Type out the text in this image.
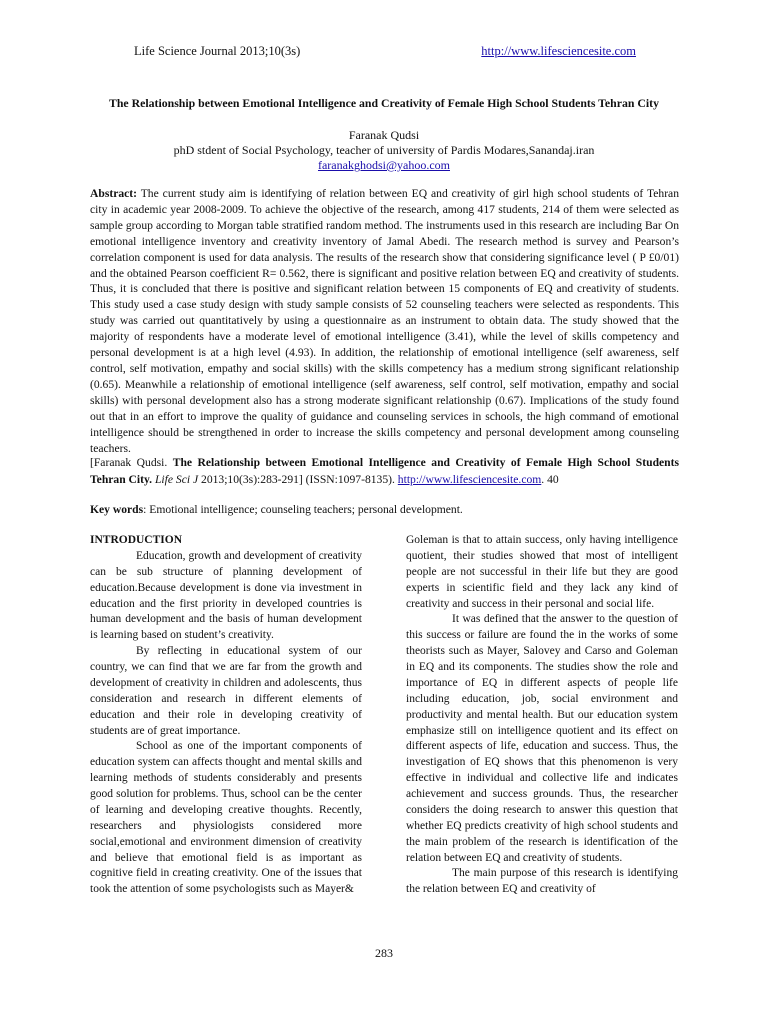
Life Science Journal 2013;10(3s)	http://www.lifesciencesite.com
The Relationship between Emotional Intelligence and Creativity of Female High School Students Tehran City
Faranak Qudsi
phD stdent of Social Psychology, teacher of university of Pardis Modares,Sanandaj.iran
faranakghodsi@yahoo.com

Abstract: The current study aim is identifying of relation between EQ and creativity of girl high school students of Tehran city in academic year 2008-2009. To achieve the objective of the research, among 417 students, 214 of them were selected as sample group according to Morgan table stratified random method. The instruments used in this research are including Bar On emotional intelligence inventory and creativity inventory of Jamal Abedi. The research method is survey and Pearson’s correlation component is used for data analysis. The results of the research show that considering significance level ( P £0/01) and the obtained Pearson coefficient R= 0.562, there is significant and positive relation between EQ and creativity of students. Thus, it is concluded that there is positive and significant relation between 15 components of EQ and creativity of students. This study used a case study design with study sample consists of 52 counseling teachers were selected as respondents. This study was carried out quantitatively by using a questionnaire as an instrument to obtain data. The study showed that the majority of respondents have a moderate level of emotional intelligence (3.41), while the level of skills competency and personal development is at a high level (4.93). In addition, the relationship of emotional intelligence (self awareness, self control, self motivation, empathy and social skills) with the skills competency has a medium strong significant relationship (0.65). Meanwhile a relationship of emotional intelligence (self awareness, self control, self motivation, empathy and social skills) with personal development also has a strong moderate significant relationship (0.67). Implications of the study found out that in an effort to improve the quality of guidance and counseling services in schools, the high command of emotional intelligence should be strengthened in order to increase the skills competency and personal development among counseling teachers.

[Faranak Qudsi. The Relationship between Emotional Intelligence and Creativity of Female High School Students Tehran City. Life Sci J 2013;10(3s):283-291] (ISSN:1097-8135). http://www.lifesciencesite.com. 40

Key words: Emotional intelligence; counseling teachers; personal development.

INTRODUCTION

Education, growth and development of creativity can be sub structure of planning development of education.Because development is done via investment in education and the first priority in developed countries is human development and the basis of human development is learning based on student’s creativity.

By reflecting in educational system of our country, we can find that we are far from the growth and development of creativity in children and adolescents, thus consideration and research in different elements of education and their role in developing creativity of students are of great importance.

School as one of the important components of education system can affects thought and mental skills and learning methods of students considerably and presents good solution for problems. Thus, school can be the center of learning and developing creative thoughts. Recently, researchers and physiologists considered more social,emotional and environment dimension of creativity and believe that emotional field is as important as cognitive field in creating creativity. One of the issues that took the attention of some psychologists such as Mayer&

Goleman is that to attain success, only having intelligence quotient, their studies showed that most of intelligent people are not successful in their life but they are good experts in scientific field and they lack any kind of creativity and success in their personal and social life.

It was defined that the answer to the question of this success or failure are found the in the works of some theorists such as Mayer, Salovey and Carso and Goleman in EQ and its components. The studies show the role and importance of EQ in different aspects of people life including education, job, social environment and productivity and mental health. But our education system emphasize still on intelligence quotient and its effect on different aspects of life, education and success. Thus, the investigation of EQ shows that this phenomenon is very effective in individual and collective life and indicates achievement and success grounds. Thus, the researcher considers the doing research to answer this question that whether EQ predicts creativity of high school students and the main problem of the research is identification of the relation between EQ and creativity of students.

The main purpose of this research is identifying the relation between EQ and creativity of

283
